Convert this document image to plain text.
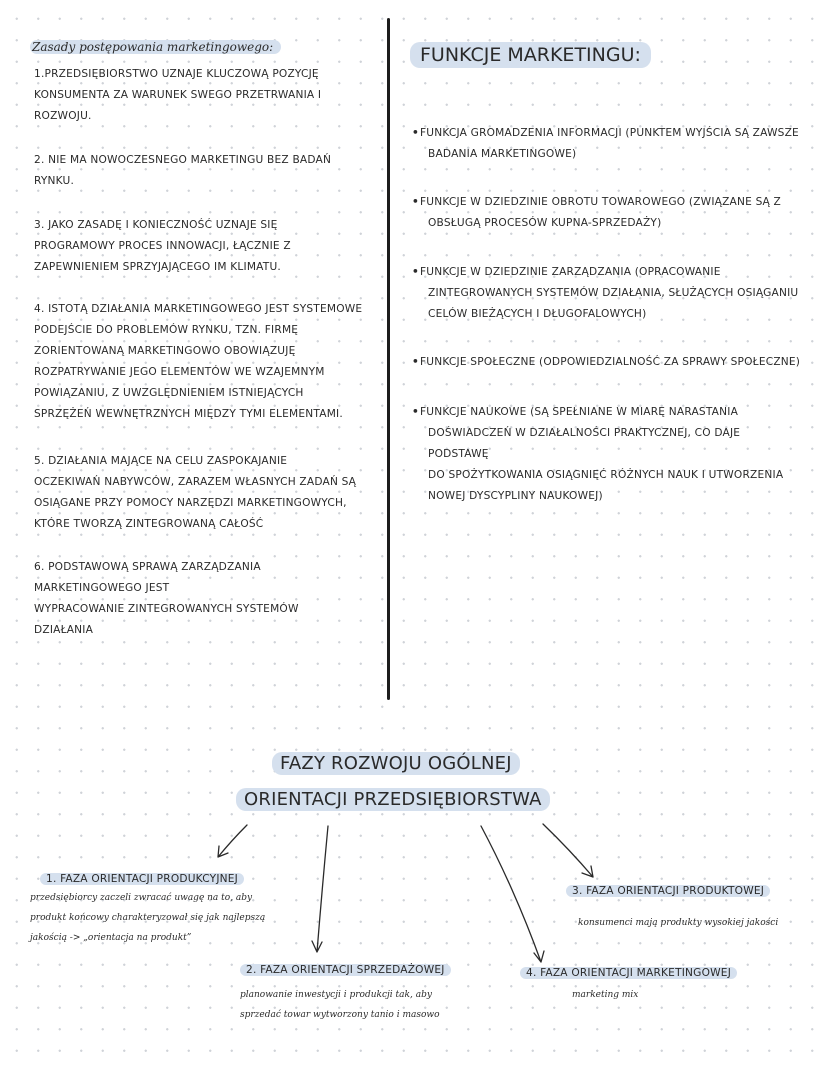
Zasady postępowania marketingowego:
1.PRZEDSIĘBIORSTWO UZNAJE KLUCZOWĄ POZYCJĘ
KONSUMENTA ZA WARUNEK SWEGO PRZETRWANIA I
ROZWOJU.
2. NIE MA NOWOCZESNEGO MARKETINGU BEZ BADAŃ
RYNKU.
3. JAKO ZASADĘ I KONIECZNOŚĆ UZNAJE SIĘ
PROGRAMOWY PROCES INNOWACJI, ŁĄCZNIE Z
ZAPEWNIENIEM SPRZYJAJĄCEGO IM KLIMATU.
4. ISTOTĄ DZIAŁANIA MARKETINGOWEGO JEST SYSTEMOWE
PODEJŚCIE DO PROBLEMÓW RYNKU, TZN. FIRMĘ
ZORIENTOWANĄ MARKETINGOWO OBOWIĄZUJĘ
ROZPATRYWANIE JEGO ELEMENTÓW WE WZAJEMNYM
POWIĄZANIU, Z UWZGLĘDNIENIEM ISTNIEJĄCYCH
SPRZĘŻEŃ WEWNĘTRZNYCH MIĘDZY TYMI ELEMENTAMI.
5. DZIAŁANIA MAJĄCE NA CELU ZASPOKAJANIE
OCZEKIWAŃ NABYWCÓW, ZARAZEM WŁASNYCH ZADAŃ SĄ
OSIĄGANE PRZY POMOCY NARZĘDZI MARKETINGOWYCH,
KTÓRE TWORZĄ ZINTEGROWANĄ CAŁOŚĆ
6. PODSTAWOWĄ SPRAWĄ ZARZĄDZANIA
MARKETINGOWEGO JEST
WYPRACOWANIE ZINTEGROWANYCH SYSTEMÓW
DZIAŁANIA
FUNKCJE MARKETINGU:
•FUNKCJA GROMADZENIA INFORMACJI (PUNKTEM WYJŚCIA SĄ ZAWSZE
BADANIA MARKETINGOWE)
•FUNKCJE W DZIEDZINIE OBROTU TOWAROWEGO (ZWIĄZANE SĄ Z
OBSŁUGĄ PROCESÓW KUPNA-SPRZEDAŻY)
•FUNKCJE W DZIEDZINIE ZARZĄDZANIA (OPRACOWANIE
ZINTEGROWANYCH SYSTEMÓW DZIAŁANIA, SŁUŻĄCYCH OSIĄGANIU
CELÓW BIEŻĄCYCH I DŁUGOFALOWYCH)
•FUNKCJE SPOŁECZNE (ODPOWIEDZIALNOŚĆ ZA SPRAWY SPOŁECZNE)
•FUNKCJE NAUKOWE (SĄ SPEŁNIANE W MIARĘ NARASTANIA
DOŚWIADCZEŃ W DZIAŁALNOŚCI PRAKTYCZNEJ, CO DAJE PODSTAWĘ
DO SPOŻYTKOWANIA OSIĄGNIĘĆ RÓŻNYCH NAUK I UTWORZENIA
NOWEJ DYSCYPLINY NAUKOWEJ)
FAZY ROZWOJU OGÓLNEJ
ORIENTACJI PRZEDSIĘBIORSTWA
1. FAZA ORIENTACJI PRODUKCYJNEJ
przedsiębiorcy zaczeli zwracać uwagę na to, aby
produkt końcowy charakteryzował się jak najlepszą
jakością -> „orientacja na produkt”
2. FAZA ORIENTACJI SPRZEDAŻOWEJ
planowanie inwestycji i produkcji tak, aby
sprzedać towar wytworzony tanio i masowo
3. FAZA ORIENTACJI PRODUKTOWEJ
konsumenci mają produkty wysokiej jakości
4. FAZA ORIENTACJI MARKETINGOWEJ
marketing mix
